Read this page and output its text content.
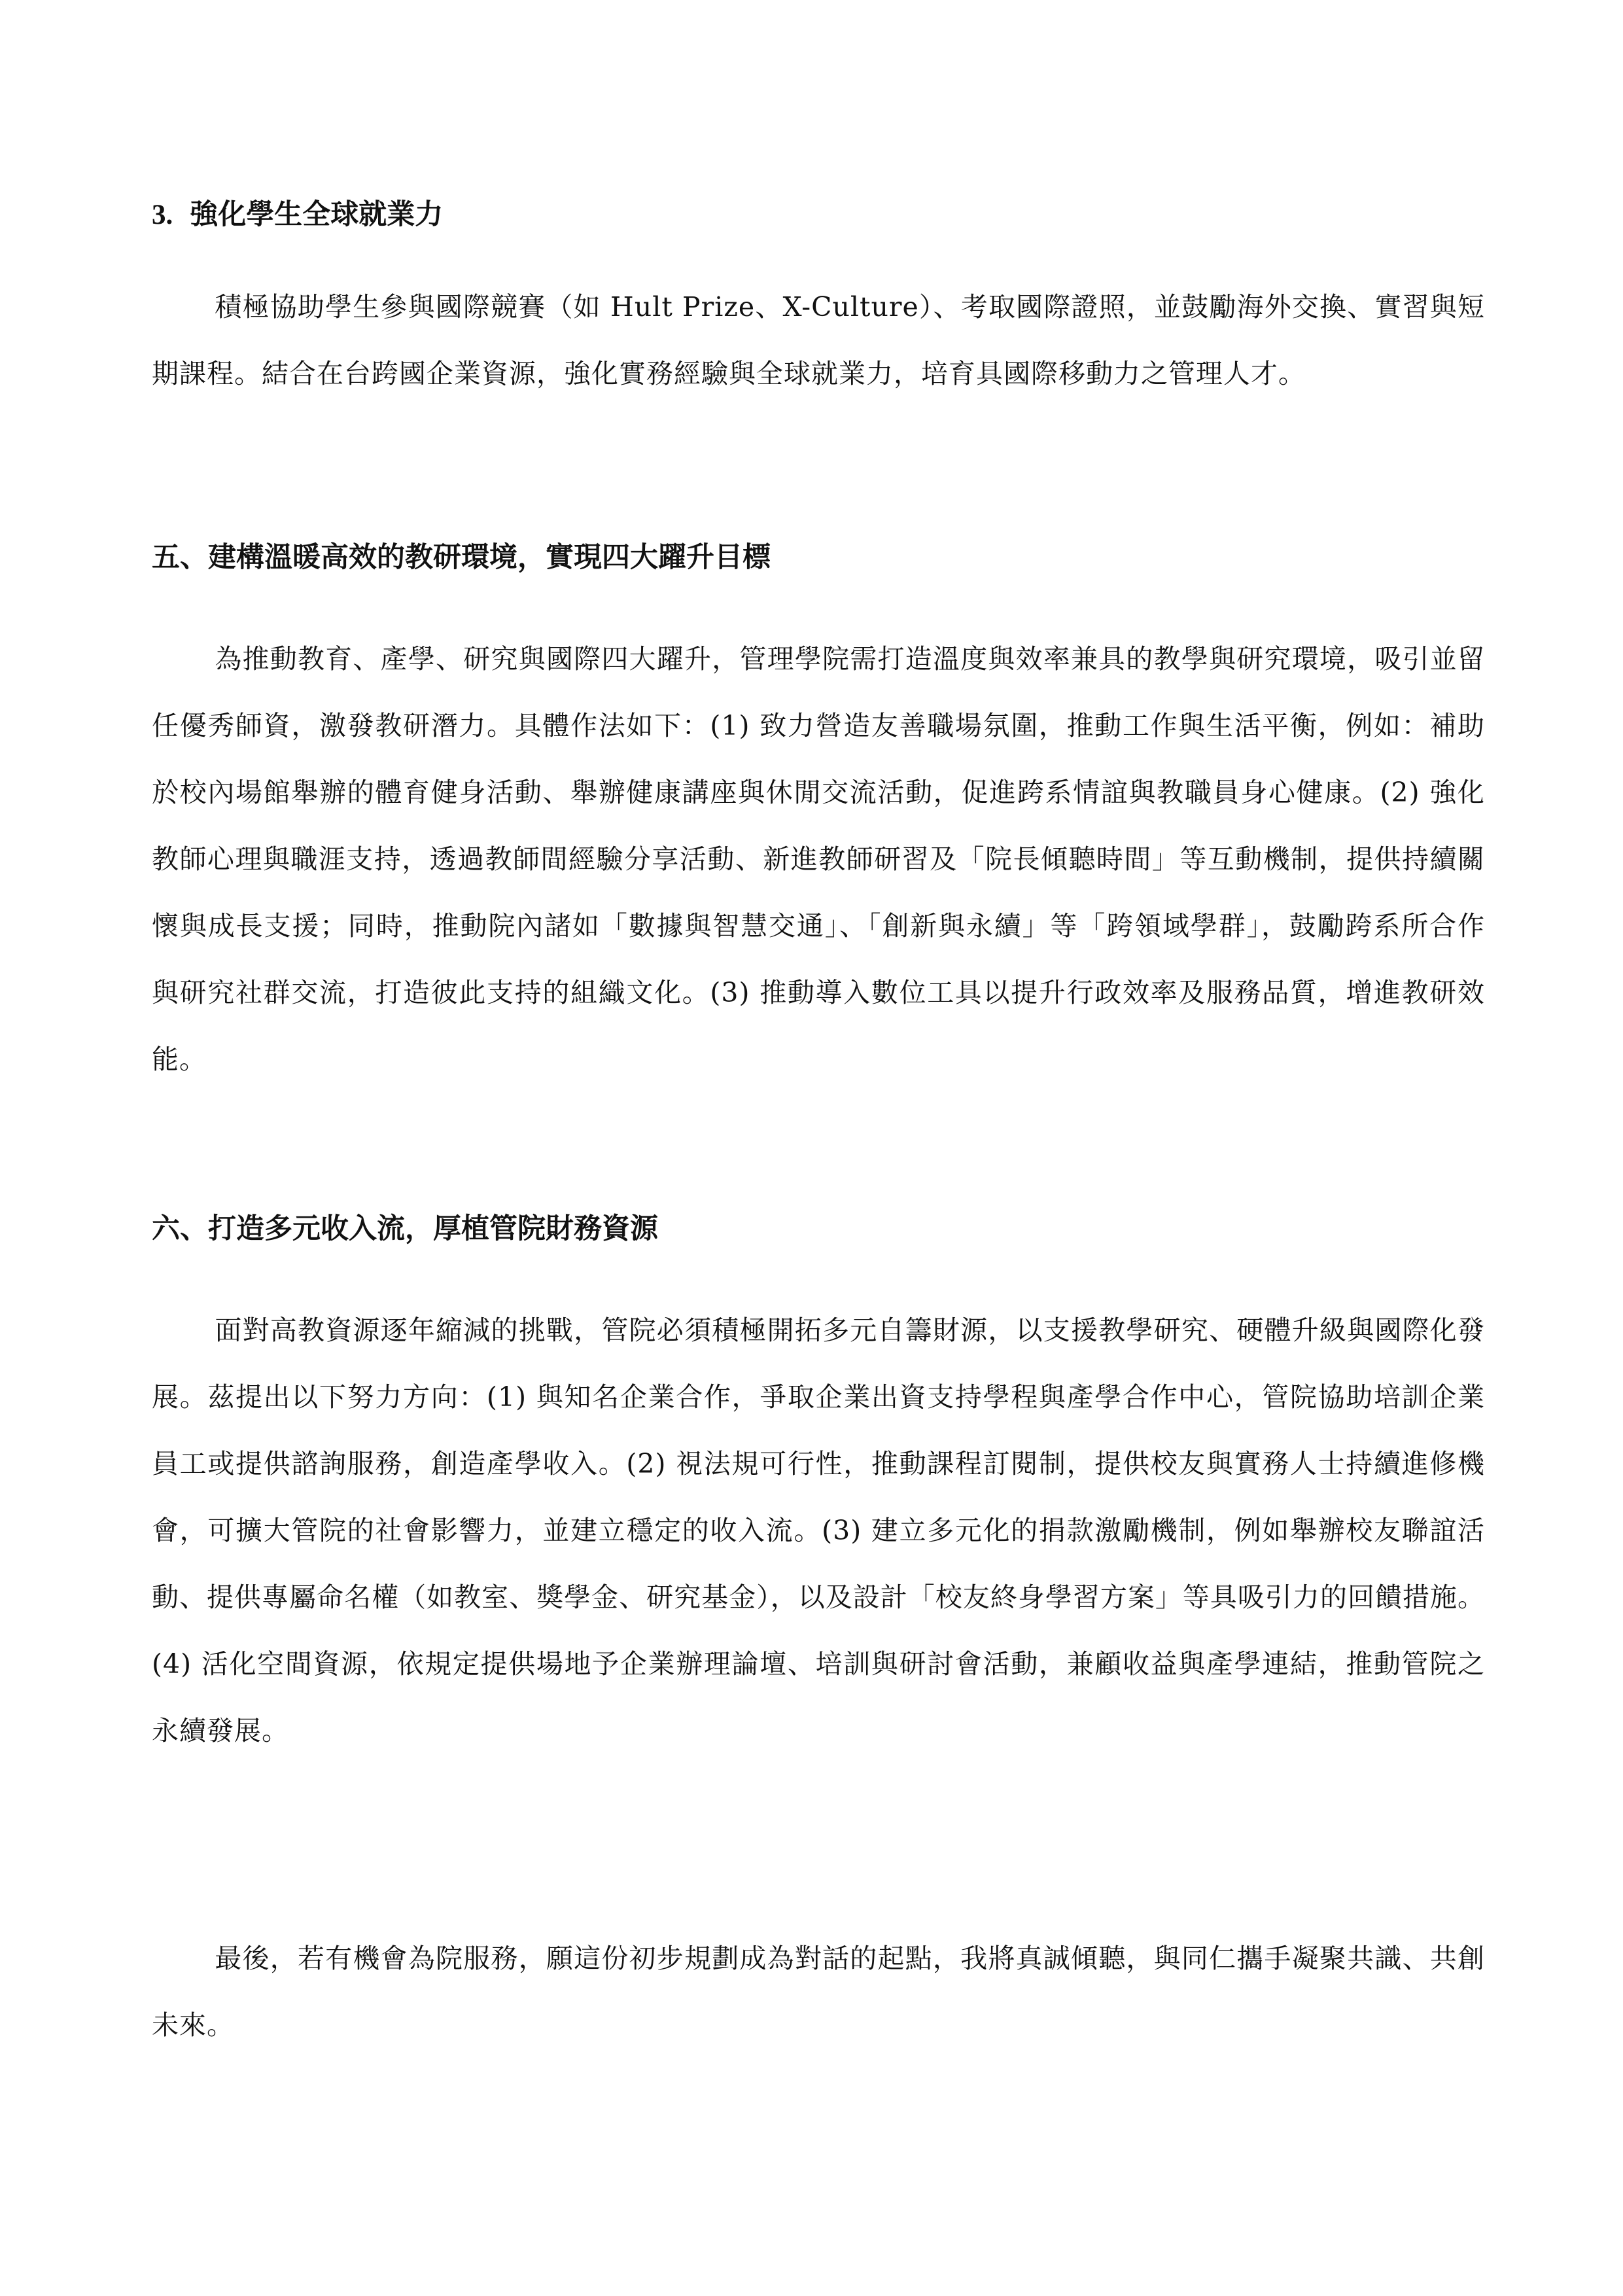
3. 強化學生全球就業力

積極協助學生參與國際競賽（如 Hult Prize、X-Culture）、考取國際證照，並鼓勵海外交換、實習與短期課程。結合在台跨國企業資源，強化實務經驗與全球就業力，培育具國際移動力之管理人才。

五、建構溫暖高效的教研環境，實現四大躍升目標

為推動教育、產學、研究與國際四大躍升，管理學院需打造溫度與效率兼具的教學與研究環境，吸引並留任優秀師資，激發教研潛力。具體作法如下：(1) 致力營造友善職場氛圍，推動工作與生活平衡，例如：補助於校內場館舉辦的體育健身活動、舉辦健康講座與休閒交流活動，促進跨系情誼與教職員身心健康。(2) 強化教師心理與職涯支持，透過教師間經驗分享活動、新進教師研習及「院長傾聽時間」等互動機制，提供持續關懷與成長支援；同時，推動院內諸如「數據與智慧交通」、「創新與永續」等「跨領域學群」，鼓勵跨系所合作與研究社群交流，打造彼此支持的組織文化。(3) 推動導入數位工具以提升行政效率及服務品質，增進教研效能。

六、打造多元收入流，厚植管院財務資源

面對高教資源逐年縮減的挑戰，管院必須積極開拓多元自籌財源，以支援教學研究、硬體升級與國際化發展。茲提出以下努力方向：(1) 與知名企業合作，爭取企業出資支持學程與產學合作中心，管院協助培訓企業員工或提供諮詢服務，創造產學收入。(2) 視法規可行性，推動課程訂閱制，提供校友與實務人士持續進修機會，可擴大管院的社會影響力，並建立穩定的收入流。(3) 建立多元化的捐款激勵機制，例如舉辦校友聯誼活動、提供專屬命名權（如教室、獎學金、研究基金），以及設計「校友終身學習方案」等具吸引力的回饋措施。(4) 活化空間資源，依規定提供場地予企業辦理論壇、培訓與研討會活動，兼顧收益與產學連結，推動管院之永續發展。

最後，若有機會為院服務，願這份初步規劃成為對話的起點，我將真誠傾聽，與同仁攜手凝聚共識、共創未來。
